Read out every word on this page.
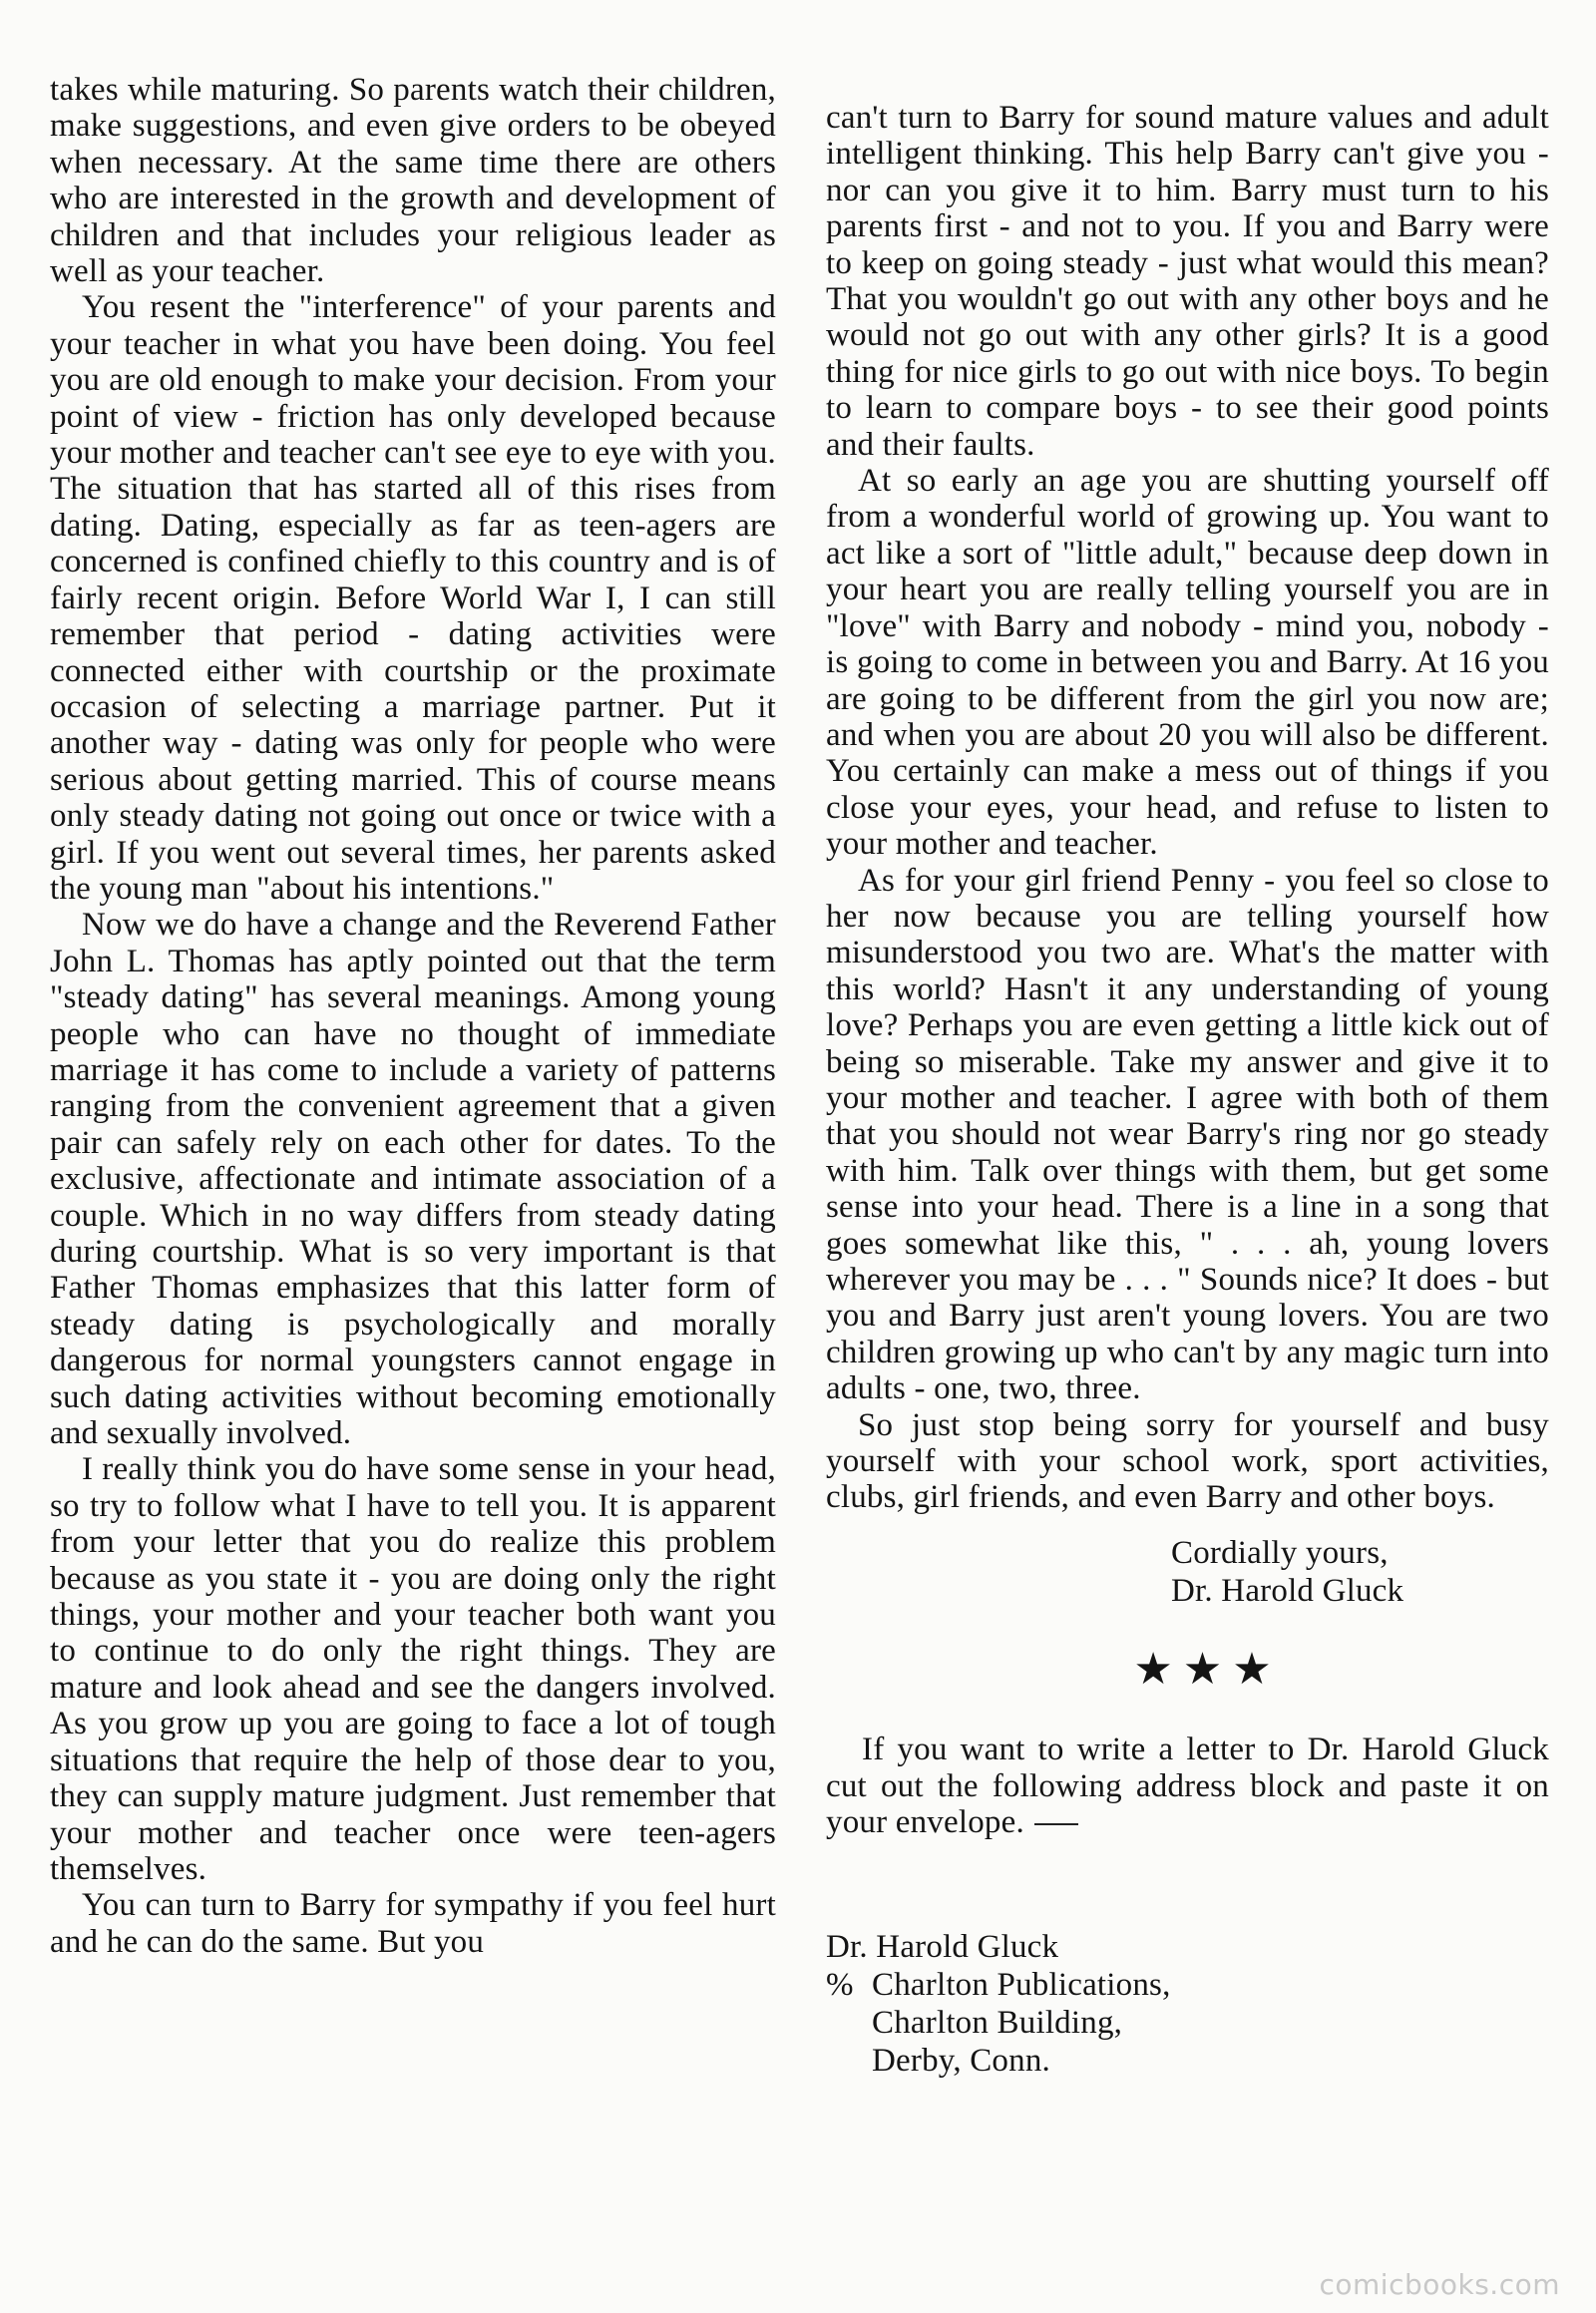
takes while maturing. So parents watch their children, make suggestions, and even give orders to be obeyed when necessary. At the same time there are others who are interested in the growth and development of children and that includes your religious leader as well as your teacher.

You resent the "interference" of your parents and your teacher in what you have been doing. You feel you are old enough to make your decision. From your point of view - friction has only developed because your mother and teacher can't see eye to eye with you. The situation that has started all of this rises from dating. Dating, especially as far as teen-agers are concerned is confined chiefly to this country and is of fairly recent origin. Before World War I, I can still remember that period - dating activities were connected either with courtship or the proximate occasion of selecting a marriage partner. Put it another way - dating was only for people who were serious about getting married. This of course means only steady dating not going out once or twice with a girl. If you went out several times, her parents asked the young man "about his intentions."

Now we do have a change and the Reverend Father John L. Thomas has aptly pointed out that the term "steady dating" has several meanings. Among young people who can have no thought of immediate marriage it has come to include a variety of patterns ranging from the convenient agreement that a given pair can safely rely on each other for dates. To the exclusive, affectionate and intimate association of a couple. Which in no way differs from steady dating during courtship. What is so very important is that Father Thomas emphasizes that this latter form of steady dating is psychologically and morally dangerous for normal youngsters cannot engage in such dating activities without becoming emotionally and sexually involved.

I really think you do have some sense in your head, so try to follow what I have to tell you. It is apparent from your letter that you do realize this problem because as you state it - you are doing only the right things, your mother and your teacher both want you to continue to do only the right things. They are mature and look ahead and see the dangers involved. As you grow up you are going to face a lot of tough situations that require the help of those dear to you, they can supply mature judgment. Just remember that your mother and teacher once were teen-agers themselves.

You can turn to Barry for sympathy if you feel hurt and he can do the same. But you

can't turn to Barry for sound mature values and adult intelligent thinking. This help Barry can't give you - nor can you give it to him. Barry must turn to his parents first - and not to you. If you and Barry were to keep on going steady - just what would this mean? That you wouldn't go out with any other boys and he would not go out with any other girls? It is a good thing for nice girls to go out with nice boys. To begin to learn to compare boys - to see their good points and their faults.

At so early an age you are shutting yourself off from a wonderful world of growing up. You want to act like a sort of "little adult," because deep down in your heart you are really telling yourself you are in "love" with Barry and nobody - mind you, nobody - is going to come in between you and Barry. At 16 you are going to be different from the girl you now are; and when you are about 20 you will also be different. You certainly can make a mess out of things if you close your eyes, your head, and refuse to listen to your mother and teacher.

As for your girl friend Penny - you feel so close to her now because you are telling yourself how misunderstood you two are. What's the matter with this world? Hasn't it any understanding of young love? Perhaps you are even getting a little kick out of being so miserable. Take my answer and give it to your mother and teacher. I agree with both of them that you should not wear Barry's ring nor go steady with him. Talk over things with them, but get some sense into your head. There is a line in a song that goes somewhat like this, " . . . ah, young lovers wherever you may be . . . " Sounds nice? It does - but you and Barry just aren't young lovers. You are two children growing up who can't by any magic turn into adults - one, two, three.

So just stop being sorry for yourself and busy yourself with your school work, sport activities, clubs, girl friends, and even Barry and other boys.

Cordially yours,
Dr. Harold Gluck
★★★

If you want to write a letter to Dr. Harold Gluck cut out the following address block and paste it on your envelope.

Dr. Harold Gluck
% Charlton Publications,
Charlton Building,
Derby, Conn.
comicbooks.com
